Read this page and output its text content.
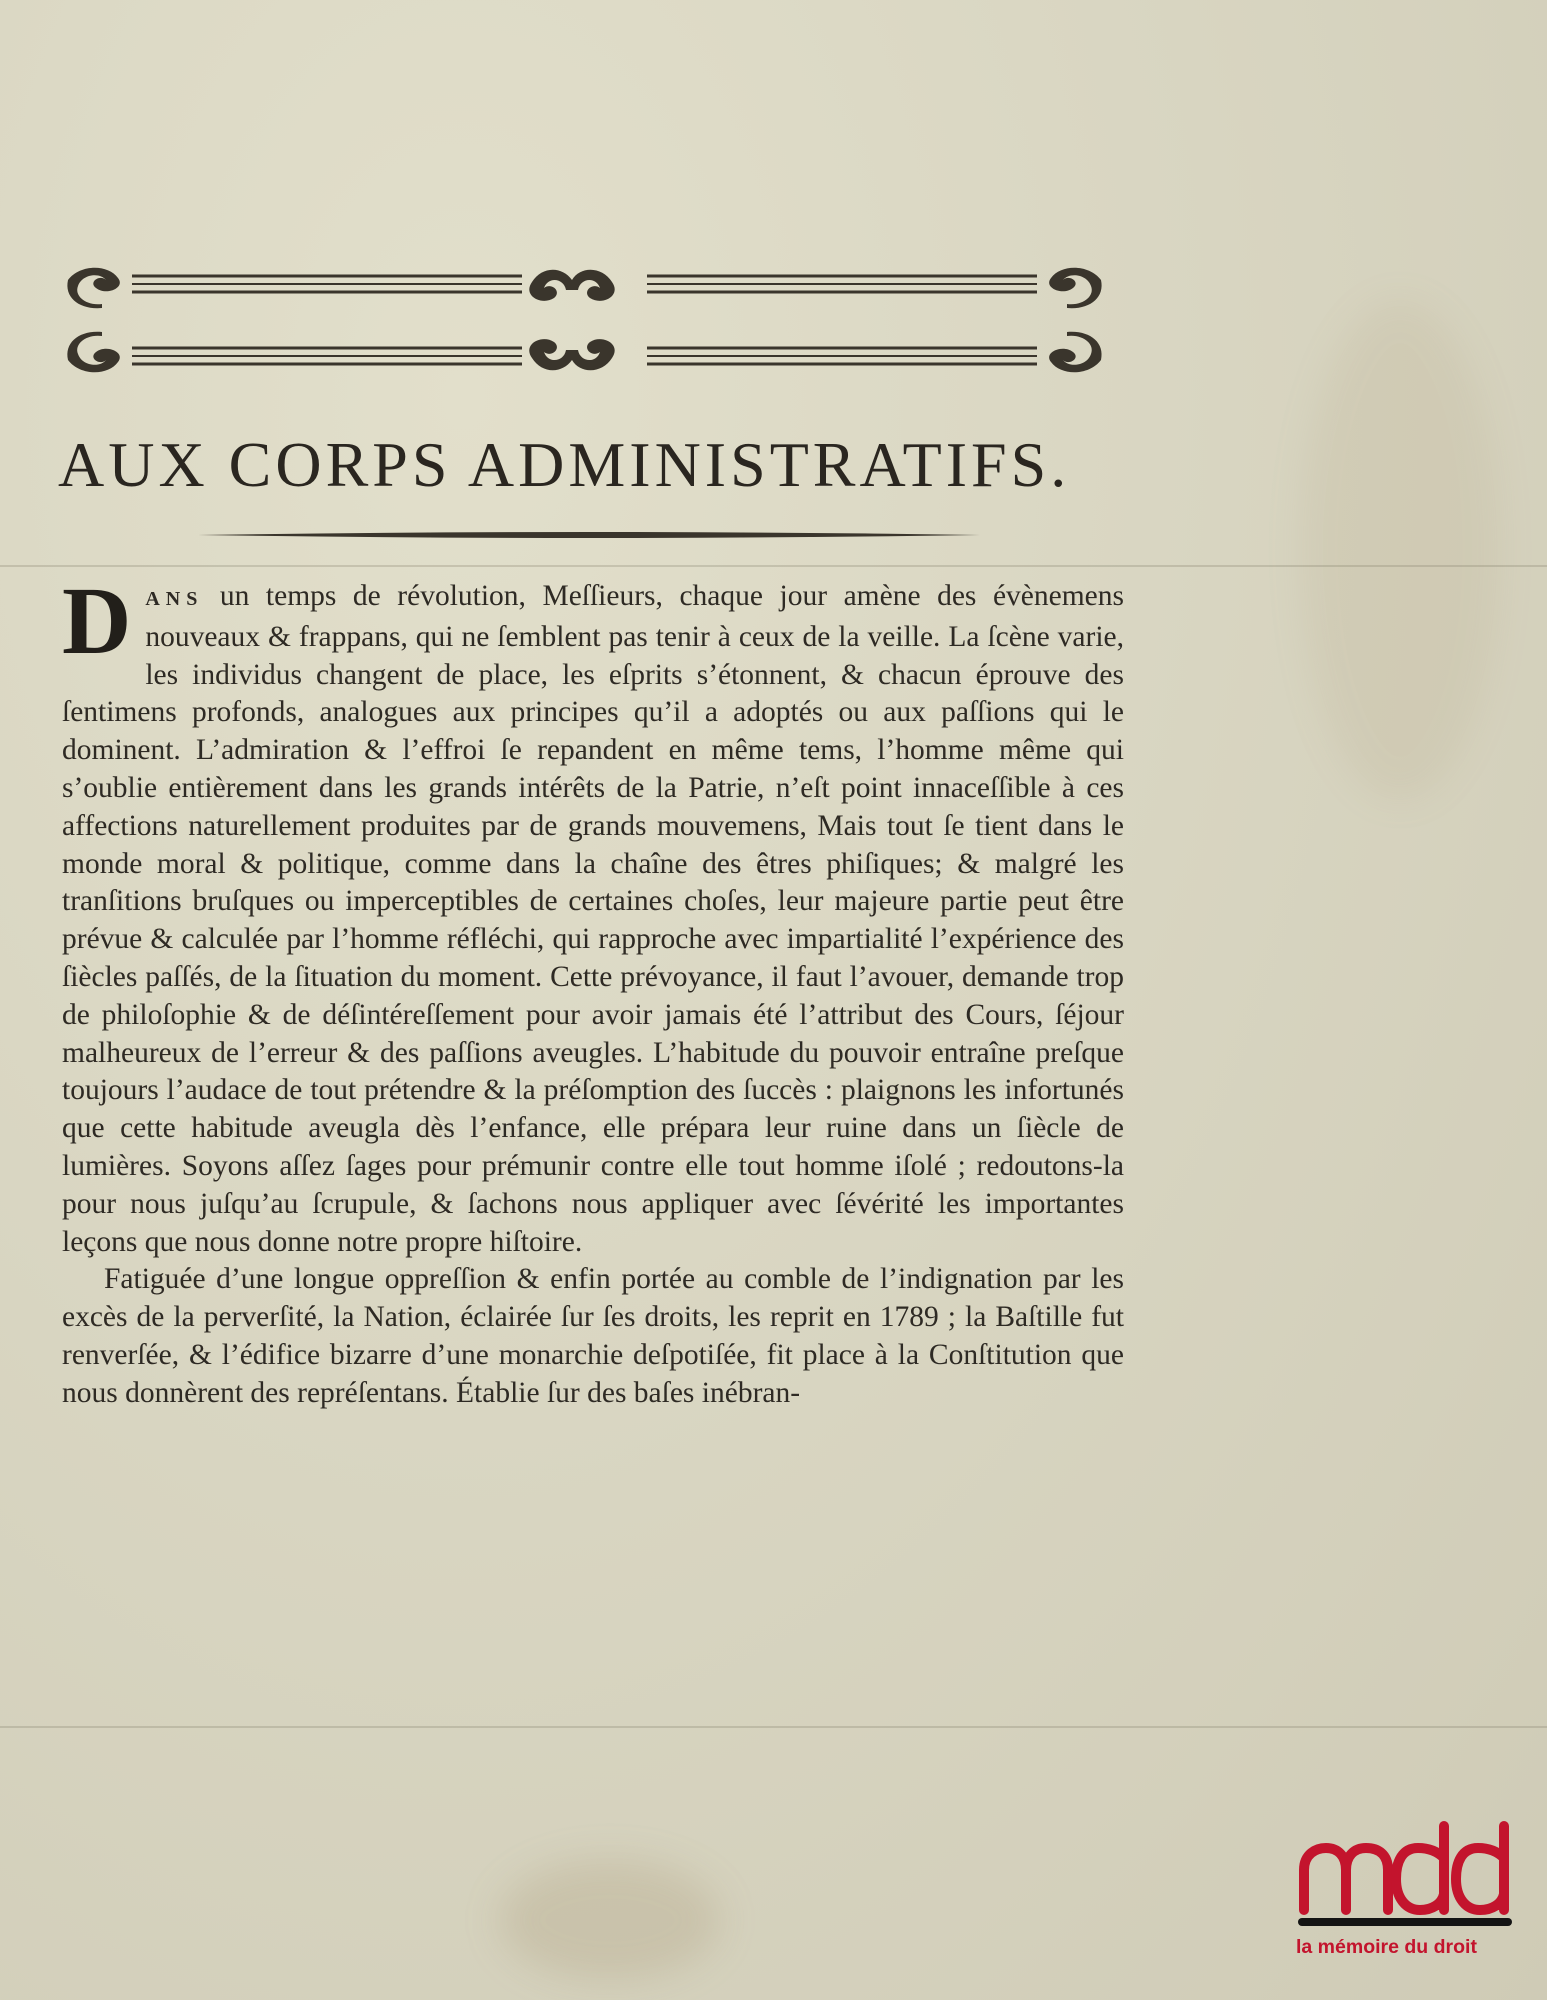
AUX CORPS ADMINISTRATIFS.

D ANS un temps de révolution, Meſſieurs, chaque jour amène des évènemens nouveaux & frappans, qui ne ſemblent pas tenir à ceux de la veille. La ſcène varie, les individus changent de place, les eſprits s’étonnent, & chacun éprouve des ſentimens profonds, analogues aux principes qu’il a adoptés ou aux paſſions qui le dominent. L’admiration & l’effroi ſe repandent en même tems, l’homme même qui s’oublie entièrement dans les grands intérêts de la Patrie, n’eſt point innaceſſible à ces affections naturellement produites par de grands mouvemens, Mais tout ſe tient dans le monde moral & politique, comme dans la chaîne des êtres phiſiques; & malgré les tranſitions bruſques ou imperceptibles de certaines choſes, leur majeure partie peut être prévue & calculée par l’homme réfléchi, qui rapproche avec impartialité l’expérience des ſiècles paſſés, de la ſituation du moment. Cette prévoyance, il faut l’avouer, demande trop de philoſophie & de déſintéreſſement pour avoir jamais été l’attribut des Cours, ſéjour malheureux de l’erreur & des paſſions aveugles. L’habitude du pouvoir entraîne preſque toujours l’audace de tout prétendre & la préſomption des ſuccès : plaignons les infortunés que cette habitude aveugla dès l’enfance, elle prépara leur ruine dans un ſiècle de lumières. Soyons aſſez ſages pour prémunir contre elle tout homme iſolé ; redoutons-la pour nous juſqu’au ſcrupule, & ſachons nous appliquer avec ſévérité les importantes leçons que nous donne notre propre hiſtoire.

Fatiguée d’une longue oppreſſion & enfin portée au comble de l’indignation par les excès de la perverſité, la Nation, éclairée ſur ſes droits, les reprit en 1789 ; la Baſtille fut renverſée, & l’édifice bizarre d’une monarchie deſpotiſée, fit place à la Conſtitution que nous donnèrent des repréſentans. Établie ſur des baſes inébran-

la mémoire du droit
